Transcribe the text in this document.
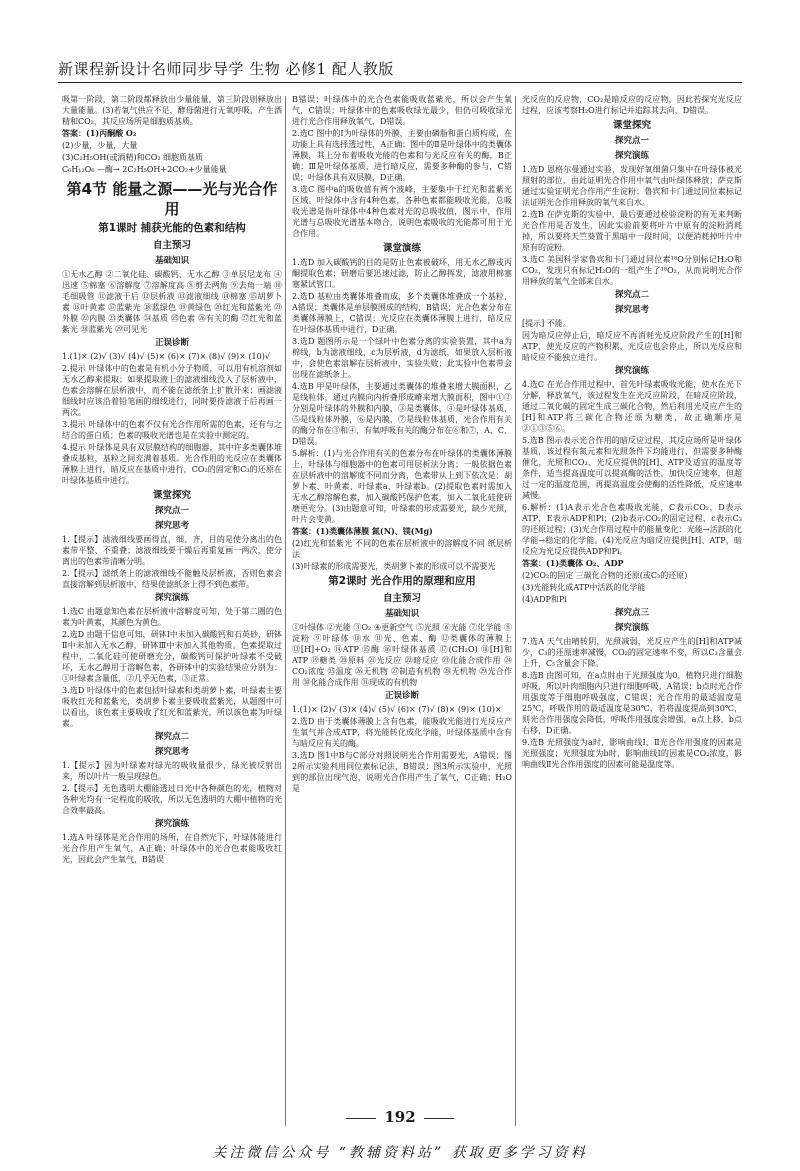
新课程新设计名师同步导学 生物 必修1 配人教版

吸第一阶段，第二阶段都释放出少量能量，第三阶段则释放出大量能量。(3)若氧气供应不足，酵母菌进行无氧呼吸，产生酒精和CO₂，其反应场所是细胞质基质。

答案：(1)丙酮酸 O₂

(2)少量，少量，大量

(3)C₂H₅OH(或酒精)和CO₂ 细胞质基质

C₆H₁₂O₆ —酶→ 2C₂H₅OH+2CO₂+少量能量

第4节 能量之源——光与光合作用
第1课时 捕获光能的色素和结构
自主预习
基础知识

①无水乙醇 ②二氧化硅、碳酸钙、无水乙醇 ③单层尼龙布 ④迅速 ⑤棉塞 ⑥溶解度 ⑦溶解度高 ⑧剪去两角 ⑨去角一端 ⑩毛细吸管 ⑪滤液干后 ⑫层析液 ⑬滤液细线 ⑭棉塞 ⑮胡萝卜素 ⑯叶黄素 ⑰蓝紫光 ⑱蓝绿色 ⑲黄绿色 ⑳红光和蓝紫光 ㉑外膜 ㉒内膜 ㉓类囊体 ㉔基质 ㉕色素 ㉖有关的酶 ㉗红光和蓝紫光 ㉘蓝紫光 ㉙可见光

正误诊断

1.(1)× (2)√ (3)√ (4)√ (5)× (6)× (7)× (8)√ (9)× (10)√

2.提示 叶绿体中的色素是有机小分子物质，可以用有机溶剂如无水乙醇来提取；如果提取液上的滤液细线没入了层析液中，色素会溶解在层析液中，而不能在滤纸条上扩散开来；画滤液细线时应该沿着铅笔画的细线进行，同时要待滤液干后再画一两次。

3.提示 叶绿体中的色素不仅有光合作用所需的色素，还有与之结合的蛋白质；色素的吸收光谱也是在实验中测定的。

4.提示 叶绿体是具有双层膜结构的细胞器，其中许多类囊体堆叠成基粒，基粒之间充满着基质。光合作用的光反应在类囊体薄膜上进行，暗反应在基质中进行，CO₂的固定和C₃的还原在叶绿体基质中进行。

课堂探究
探究点一
探究思考

1.【提示】滤液细线要画得直、细、齐，目的是使分离出的色素带平整、不重叠；滤液细线要干燥后再重复画一两次，使分离出的色素带清晰分明。

2.【提示】滤纸条上的滤液细线不能触及层析液，否则色素会直接溶解到层析液中，结果使滤纸条上得不到色素带。

探究演练

1.选C 由题意知色素在层析液中溶解度可知，处于第二圈的色素为叶黄素，其颜色为黄色。

2.选D 由题干信息可知，研钵Ⅰ中未加入碳酸钙和石英砂，研钵Ⅱ中未加入无水乙醇，研钵Ⅲ中未加入其他物质。色素提取过程中，二氧化硅可使研磨充分，碳酸钙可保护叶绿素不受破坏，无水乙醇用于溶解色素，各研钵中的实验结果应分别为：①叶绿素含量低，②几乎无色素，③正常。

3.选D 叶绿体中的色素包括叶绿素和类胡萝卜素，叶绿素主要吸收红光和蓝紫光，类胡萝卜素主要吸收蓝紫光，从题图中可以看出，该色素主要吸收了红光和蓝紫光，所以该色素为叶绿素。

探究点二
探究思考

1.【提示】因为叶绿素对绿光的吸收量很少，绿光被反射出来，所以叶片一般呈现绿色。

2.【提示】无色透明大棚能透过日光中各种颜色的光，植物对各种光均有一定程度的吸收，所以无色透明的大棚中植物的光合效率最高。

探究演练

1.选A 叶绿体是光合作用的场所，在自然光下，叶绿体能进行光合作用产生氧气，A正确；叶绿体中的光合色素能吸收红光，因此会产生氧气，B错误

B错误；叶绿体中的光合色素能吸收蓝紫光，所以会产生氧气，C错误；叶绿体中的色素吸收绿光最少，但仍可吸收绿光进行光合作用释放氧气，D错误。

2.选C 图中的Ⅰ为叶绿体的外膜，主要由磷脂和蛋白质构成，在功能上具有选择透过性，A正确；图中的Ⅱ是叶绿体中的类囊体薄膜，其上分布着吸收光能的色素和与光反应有关的酶，B正确；Ⅲ是叶绿体基质，进行暗反应，需要多种酶的参与，C错误；叶绿体具有双层膜，D正确。

3.选C 图中a的吸收值有两个波峰，主要集中于红光和蓝紫光区域。叶绿体中含有4种色素，各种色素都能吸收光能，总吸收光谱是指叶绿体中4种色素对光的总吸收值，图示中，作用光谱与总吸收光谱基本吻合，说明色素吸收的光能都可用于光合作用。

课堂演练

1.选D 加入碳酸钙的目的是防止色素被破坏，用无水乙醇或丙酮提取色素；研磨后要迅速过滤，防止乙醇挥发，滤液用棉塞塞紧试管口。

2.选D 基粒由类囊体堆叠而成，多个类囊体堆叠成一个基粒，A错误；类囊体是单层膜围成的结构，B错误；光合色素分布在类囊体薄膜上，C错误；光反应在类囊体薄膜上进行，暗反应在叶绿体基质中进行，D正确。

3.选D 题图所示是一个绿叶中色素分离的实验装置，其中a为棉线，b为滤液细线，c为层析液，d为滤纸，如果放入层析液中，会使色素溶解在层析液中，实验失败；此实验中色素带会出现在滤纸条上。

4.选B 甲是叶绿体，主要通过类囊体的堆叠来增大膜面积，乙是线粒体，通过内膜向内折叠形成嵴来增大膜面积，图中①②分别是叶绿体的外膜和内膜，③是类囊体，④是叶绿体基质，⑤是线粒体外膜，⑥是内膜，⑦是线粒体基质，光合作用有关的酶分布在③和④，有氧呼吸有关的酶分布在⑥和⑦，A、C、D错误。

5.解析：(1)与光合作用有关的色素分布在叶绿体的类囊体薄膜上，叶绿体与细胞器中的色素可用层析法分离；一般依据色素在层析液中的溶解度不同而分离，色素带从上到下依次是：胡萝卜素、叶黄素、叶绿素a、叶绿素b。(2)提取色素时需加入无水乙醇溶解色素，加入碳酸钙保护色素，加入二氧化硅使研磨更充分。(3)由题意可知，叶绿素的形成需要光，缺少光照，叶片会变黄。

答案：(1)类囊体薄膜 氮(N)、镁(Mg)

(2)红光和蓝紫光 不同的色素在层析液中的溶解度不同 纸层析法

(3)叶绿素的形成需要光，类胡萝卜素的形成可以不需要光

第2课时 光合作用的原理和应用
自主预习
基础知识

①叶绿体 ②光能 ③O₂ ④更新空气 ⑤光照 ⑥光能 ⑦化学能 ⑧淀粉 ⑨叶绿体 ⑩水 ⑪光、色素、酶 ⑫类囊体的薄膜上 ⑬[H]+O₂ ⑭ATP ⑮酶 ⑯叶绿体基质 ⑰(CH₂O) ⑱[H]和ATP ⑲糖类 ⑳原料 ㉑光反应 ㉒暗反应 ㉓化能合成作用 ㉔CO₂浓度 ㉕温度 ㉖无机物 ㉗制造有机物 ㉘无机物 ㉙光合作用 ㉚化能合成作用 ㉛现成的有机物

正误诊断

1.(1)× (2)√ (3)× (4)√ (5)√ (6)× (7)√ (8)× (9)× (10)×

2.选D 由于类囊体薄膜上含有色素，能吸收光能进行光反应产生氧气并合成ATP，将光能转化成化学能，叶绿体基质中含有与暗反应有关的酶。

3.选D 图1中B与C部分对照说明光合作用需要光，A错误；图2所示实验利用同位素标记法，B错误；图3所示实验中，光照到的部位出现气泡，说明光合作用产生了氧气，C正确；H₂O是

光反应的反应物，CO₂是暗反应的反应物，因此若探究光反应过程，应该考察H₂O进行标记并追踪其去向，D错误。

课堂探究
探究点一
探究演练

1.选D 恩格尔曼通过实验，发现好氧细菌只集中在叶绿体被光照射的部位，由此证明光合作用中氧气由叶绿体释放；萨克斯通过实验证明光合作用产生淀粉；鲁宾和卡门通过同位素标记法证明光合作用释放的氧气来自水。

2.选B 在萨克斯的实验中，最后要通过检验淀粉的有无来判断光合作用是否发生，因此实验前要将叶片中原有的淀粉消耗掉，所以要将天竺葵置于黑暗中一段时间，以便消耗掉叶片中原有的淀粉。

3.选C 美国科学家鲁宾和卡门通过同位素¹⁸O分别标记H₂O和CO₂，发现只有标记H₂O的一组产生了¹⁸O₂，从而说明光合作用释放的氧气全部来自水。

探究点二
探究思考

[提示] 不能。

因为暗反应停止后，暗反应不再消耗光反应阶段产生的[H]和ATP，使光反应的产物积累，光反应也会停止，所以光反应和暗反应不能独立进行。

探究演练

4.选C 在光合作用过程中，首先叶绿素吸收光能，使水在光下分解，释放氧气，该过程发生在光反应阶段，在暗反应阶段，通过二氧化碳的固定生成三碳化合物，然后利用光反应产生的[H]和ATP将三碳化合物还原为糖类，故正确顺序是②①③⑤⑥。

5.选B 图示表示光合作用的暗反应过程，其反应场所是叶绿体基质，该过程有氮元素和光照条件下均能进行，但需要多种酶催化，光照和CO₂、光反应提供的[H]、ATP及适宜的温度等条件，适当提高温度可以提高酶的活性，加快反应速率，但超过一定的温度范围，再提高温度会使酶的活性降低，反应速率减慢。

6.解析：(1)A表示光合色素吸收光能，C表示CO₂，D表示ATP，E表示ADP和Pi；(2)b表示CO₂的固定过程，c表示C₃的还原过程；(3)光合作用过程中的能量变化：光能→活跃的化学能→稳定的化学能。(4)光反应为暗反应提供[H]、ATP，暗反应为光反应提供ADP和Pi。

答案：(1)类囊体 O₂、ADP

(2)CO₂的固定 三碳化合物的还原(或C₃的还原)

(3)光能转化成ATP中活跃的化学能

(4)ADP和Pi

探究点三
探究演练

7.选A 天气由晴转阴，光照减弱，光反应产生的[H]和ATP减少，C₃的还原速率减慢，CO₂的固定速率不变，所以C₃含量会上升，C₅含量会下降。

8.选B 由图可知，在a点时由于光照强度为0，植物只进行细胞呼吸，所以叶肉细胞内只进行细胞呼吸，A错误；b点时光合作用强度等于细胞呼吸强度，C错误；光合作用的最适温度是25℃，呼吸作用的最适温度是30℃，若将温度提高到30℃，则光合作用强度会降低，呼吸作用强度会增强，a点上移，b点右移，D正确。

9.选B 光照强度为a时，影响曲线Ⅰ、Ⅱ光合作用强度的因素是光照强度；光照强度为b时，影响曲线Ⅰ的因素是CO₂浓度，影响曲线Ⅱ光合作用强度的因素可能是温度等。

192
关注微信公众号 “教辅资料站” 获取更多学习资料
